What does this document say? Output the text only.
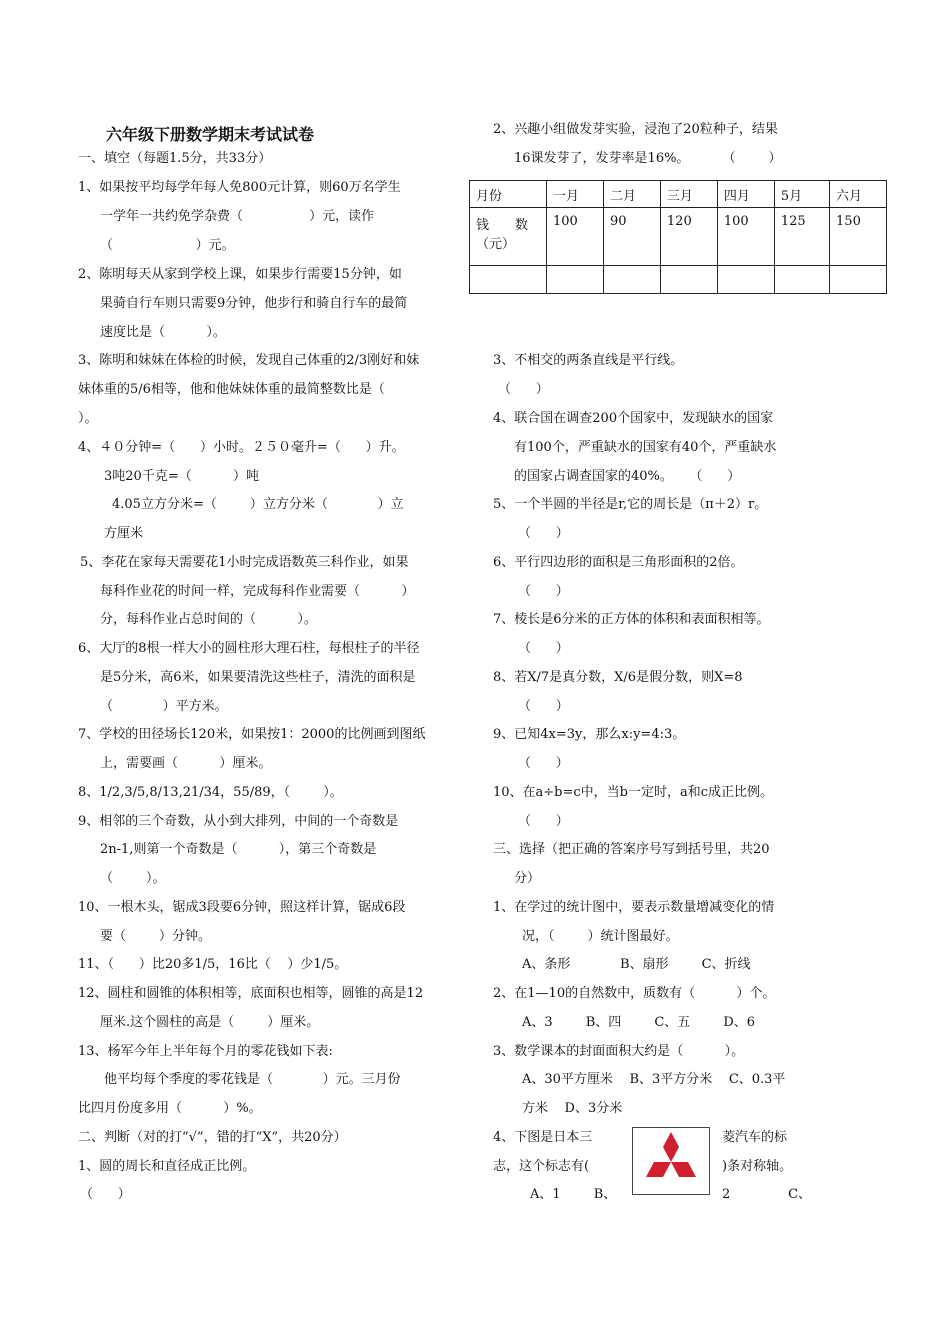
六年级下册数学期末考试试卷
一、填空（每题1.5分，共33分）
1、如果按平均每学年每人免800元计算，则60万名学生
一学年一共约免学杂费（                ）元，读作
（                    ）元。
2、陈明每天从家到学校上课，如果步行需要15分钟，如
果骑自行车则只需要9分钟，他步行和骑自行车的最简
速度比是（          ）。
3、陈明和妹妹在体检的时候，发现自己体重的2/3刚好和妹
妹体重的5/6相等，他和他妹妹体重的最简整数比是（
）。
4、４０分钟=（      ）小时。２５０毫升=（      ）升。
3吨20千克=（          ）吨
4.05立方分米=（        ）立方分米（            ）立
方厘米
5、李花在家每天需要花1小时完成语数英三科作业，如果
每科作业花的时间一样，完成每科作业需要（          ）
分，每科作业占总时间的（          ）。
6、大厅的8根一样大小的圆柱形大理石柱，每根柱子的半径
是5分米，高6米，如果要清洗这些柱子，清洗的面积是
（            ）平方米。
7、学校的田径场长120米，如果按1：2000的比例画到图纸
上，需要画（          ）厘米。
8、1/2,3/5,8/13,21/34，55/89，（        ）。
9、相邻的三个奇数，从小到大排列，中间的一个奇数是
2n-1,则第一个奇数是（          ），第三个奇数是
（        ）。
10、一根木头，锯成3段要6分钟，照这样计算，锯成6段
要（        ）分钟。
11、（      ）比20多1/5，16比（    ）少1/5。
12、圆柱和圆锥的体积相等，底面积也相等，圆锥的高是12
厘米.这个圆柱的高是（        ）厘米。
13、杨军今年上半年每个月的零花钱如下表:
他平均每个季度的零花钱是（            ）元。三月份
比四月份度多用（          ）%。
二、判断（对的打“√”，错的打“X”，共20分）
1、圆的周长和直径成正比例。
（      ）
2、兴趣小组做发芽实验，浸泡了20粒种子，结果
16课发芽了，发芽率是16%。        （        ）
月份	一月	二月	三月	四月	5月	六月
钱　　数
（元）	100	90	120	100	125	150

3、不相交的两条直线是平行线。
（      ）
4、联合国在调查200个国家中，发现缺水的国家
有100个，严重缺水的国家有40个，严重缺水
的国家占调查国家的40%。    （      ）
5、一个半圆的半径是r,它的周长是（π＋2）r。
（      ）
6、平行四边形的面积是三角形面积的2倍。
（      ）
7、棱长是6分米的正方体的体积和表面积相等。
（      ）
8、若X/7是真分数，X/6是假分数，则X=8
（      ）
9、已知4x=3y，那么x:y=4:3。
（      ）
10、在a÷b=c中，当b一定时，a和c成正比例。
（      ）
三、选择（把正确的答案序号写到括号里，共20
分）
1、在学过的统计图中，要表示数量增减变化的情
况，（        ）统计图最好。
A、条形            B、扇形        C、折线
2、在1—10的自然数中，质数有（          ）个。
A、3        B、四        C、五        D、6
3、数学课本的封面面积大约是（          ）。
A、30平方厘米    B、3平方分米    C、0.3平
方米    D、3分米
4、下图是日本三	菱汽车的标
志，这个标志有(	)条对称轴。
A、1        B、	2              C、
